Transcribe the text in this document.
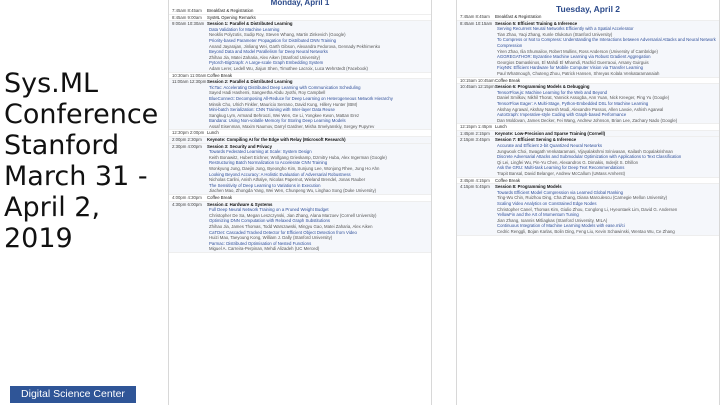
Sys.ML
Conference
Stanford
March 31 -
April 2,
2019
Digital Science Center
Monday, April 1
7:45am 8:45am	Breakfast & Registration
8:45am 9:00am	SysML Opening Remarks
9:00am 10:30am Session 1: Parallel & Distributed Learning
Data Validation for Machine Learning
Neoklis Polyzotis, Sudip Roy, Steven Whang, Martin Zinkevich (Google)
Priority-based Parameter Propagation for Distributed DNN Training
Anand Jayarajan, Jinliang Wei, Garth Gibson, Alexandra Fedorova, Gennady Pekhimenko
Beyond Data and Model Parallelism for Deep Neural Networks
Zhihao Jia, Matei Zaharia, Alex Aiken (Stanford University)
Pytorch-BigGraph: A Large-scale Graph Embedding System
Adam Lerer, Ledell Wu, Jiajun Shen, Timothee Lacroix, Luca Wehrstedt (Facebook)
10:30am 11:00am Coffee Break
11:00am 12:30pm Session 2: Parallel & Distributed Learning
TicTac: Accelerating Distributed Deep Learning with Communication Scheduling
Sayed Hadi Hashemi, Sangeetha Abdu Jyothi, Roy Campbell
BlueConnect: Decomposing All-Reduce for Deep Learning on Heterogeneous Network Hierarchy
Minsik Cho, Ulrich Finkler, Mauricio Serrano, David Kung, Hillery Hunter (IBM)
Mini-batch Serialization: CNN Training with Inter-layer Data Reuse
Sangkug Lym, Armand Behroozi, Wei Wen, Ge Li, Yongkee Kwon, Mattan Erez
Bandana: Using Non-volatile Memory for Storing Deep Learning Models
Assaf Eisenman, Maxim Naumov, Darryl Gardner, Misha Smelyanskiy, Sergey Pupyrev
12:30pm 2:00pm Lunch
2:00pm 2:30pm	Keynote: Compiling AI for the Edge with Relay (Microsoft Research)
2:30pm 4:00pm	Session 3: Security and Privacy
Towards Federated Learning at Scale: System Design
Keith Bonawitz, Hubert Eichner, Wolfgang Grieskamp, Dzmitry Huba, Alex Ingerman (Google)
Restructuring Batch Normalization to Accelerate CNN Training
Wonkyung Jung, Daejin Jung, Byeongho Kim, Sunjung Lee, Wonjong Rhee, Jung Ho Ahn
Looking Beyond Accuracy: A Holistic Evaluation of Adversarial Robustness
Nicholas Carlini, Anish Athalye, Nicolas Papernot, Wieland Brendel, Jonas Rauber
The Sensitivity of Deep Learning to Variations in Execution
Jiachen Mao, Zhongda Yang, Wei Wen, Chunpeng Wu, Linghao Song (Duke University)
4:00pm 4:30pm	Coffee Break
4:30pm 6:00pm	Session 4: Hardware & Systems
Full Deep Neural Network Training on a Pruned Weight Budget
Christopher De Sa, Megan Leszczynski, Jian Zhang, Alana Marzoev (Cornell University)
Optimizing DNN Computation with Relaxed Graph Substitutions
Zhihao Jia, James Thomas, Todd Warszawski, Mingyu Gao, Matei Zaharia, Alex Aiken
CaTDet: Cascaded Tracked Detector for Efficient Object Detection from Video
Huizi Mao, Taeyoung Kong, William J. Dally (Stanford University)
Parmac: Distributed Optimisation of Nested Functions
Miguel A. Carreira-Perpinan, Mehdi Alizadeh (UC Merced)
Tuesday, April 2
7:45am 8:45am	Breakfast & Registration
8:45am 10:15am Session 5: Efficient Training & Inference
Serving Recurrent Neural Networks Efficiently with a Spatial Accelerator
Tian Zhao, Yaqi Zhang, Kunle Olukotun (Stanford University)
To Compress or Not to Compress: Understanding the Interactions between Adversarial Attacks and Neural Network Compression
Yiren Zhao, Ilia Shumailov, Robert Mullins, Ross Anderson (University of Cambridge)
AGGREGATHOR: Byzantine Machine Learning via Robust Gradient Aggregation
Georgios Damaskinos, El Mahdi El Mhamdi, Rachid Guerraoui, Arsany Guirguis
FixyNN: Efficient Hardware for Mobile Computer Vision via Transfer Learning
Paul Whatmough, Chuteng Zhou, Patrick Hansen, Shreyas Kolala Venkataramanaiah
10:15am 10:45am Coffee Break
10:45am 12:15pm Session 6: Programming Models & Debugging
TensorFlow.js: Machine Learning for the Web and Beyond
Daniel Smilkov, Nikhil Thorat, Yannick Assogba, Ann Yuan, Nick Kreeger, Ping Yu (Google)
TensorFlow Eager: A Multi-Stage, Python-Embedded DSL for Machine Learning
Akshay Agrawal, Akshay Naresh Modi, Alexandre Passos, Allen Lavoie, Ashish Agarwal
AutoGraph: Imperative-style Coding with Graph-based Performance
Dan Moldovan, James Decker, Fei Wang, Andrew Johnson, Brian Lee, Zachary Nado (Google)
12:15pm 1:45pm Lunch
1:45pm 2:15pm	Keynote: Low-Precision and Sparse Training (Cornell)
2:15pm 3:45pm	Session 7: Efficient Serving & Inference
Accurate and Efficient 2-bit Quantized Neural Networks
Jungwook Choi, Swagath Venkataramani, Vijayalakshmi Srinivasan, Kailash Gopalakrishnan
Discrete Adversarial Attacks and Submodular Optimization with Applications to Text Classification
Qi Lei, Lingfei Wu, Pin-Yu Chen, Alexandros G. Dimakis, Inderjit S. Dhillon
Ask the GRU: Multi-task Learning for Deep Text Recommendations
Trapit Bansal, David Belanger, Andrew McCallum (UMass Amherst)
3:45pm 4:15pm	Coffee Break
4:15pm 5:45pm	Session 8: Programming Models
Towards Efficient Model Compression via Learned Global Ranking
Ting-Wu Chin, Ruizhou Ding, Cha Zhang, Diana Marculescu (Carnegie Mellon University)
Scaling Video Analytics on Constrained Edge Nodes
Christopher Canel, Thomas Kim, Giulio Zhou, Conglong Li, Hyeontaek Lim, David G. Andersen
YellowFin and the Art of Momentum Tuning
Jian Zhang, Ioannis Mitliagkas (Stanford University, MILA)
Continuous Integration of Machine Learning Models with ease.ml/ci
Cedric Renggli, Bojan Karlas, Bolin Ding, Feng Liu, Kevin Schawinski, Wentao Wu, Ce Zhang
